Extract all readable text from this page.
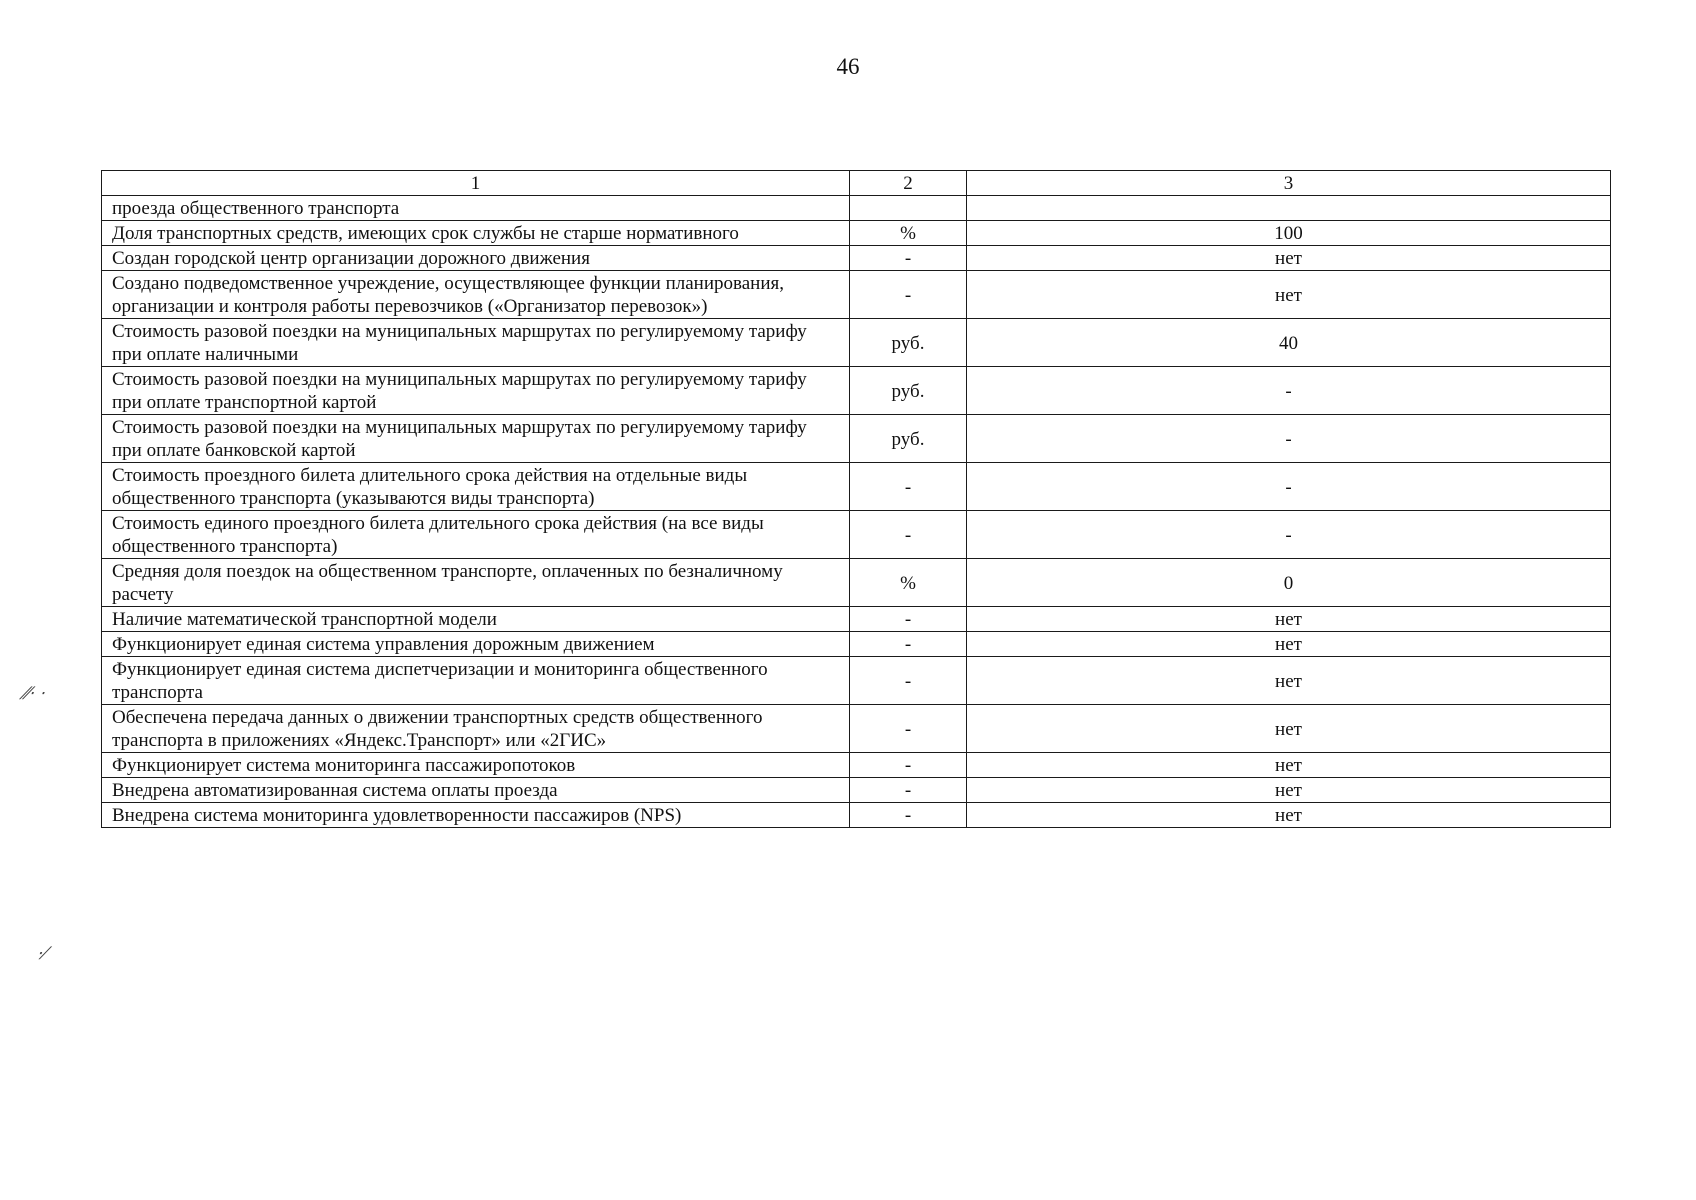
46
1	2	3
проезда общественного транспорта		
Доля транспортных средств, имеющих срок службы не старше нормативного	%	100
Создан городской центр организации дорожного движения	-	нет
Создано подведомственное учреждение, осуществляющее функции планирования, организации и контроля работы перевозчиков («Организатор перевозок»)	-	нет
Стоимость разовой поездки на муниципальных маршрутах по регулируемому тарифу при оплате наличными	руб.	40
Стоимость разовой поездки на муниципальных маршрутах по регулируемому тарифу при оплате транспортной картой	руб.	-
Стоимость разовой поездки на муниципальных маршрутах по регулируемому тарифу при оплате банковской картой	руб.	-
Стоимость проездного билета длительного срока действия на отдельные виды общественного транспорта (указываются виды транспорта)	-	-
Стоимость единого проездного билета длительного срока действия (на все виды общественного транспорта)	-	-
Средняя доля поездок на общественном транспорте, оплаченных по безналичному расчету	%	0
Наличие математической транспортной модели	-	нет
Функционирует единая система управления дорожным движением	-	нет
Функционирует единая система диспетчеризации и мониторинга общественного транспорта	-	нет
Обеспечена передача данных о движении транспортных средств общественного транспорта в приложениях «Яндекс.Транспорт» или «2ГИС»	-	нет
Функционирует система мониторинга пассажиропотоков	-	нет
Внедрена автоматизированная система оплаты проезда	-	нет
Внедрена система мониторинга удовлетворенности пассажиров (NPS)	-	нет
⁄⁄· ·
·⁄
